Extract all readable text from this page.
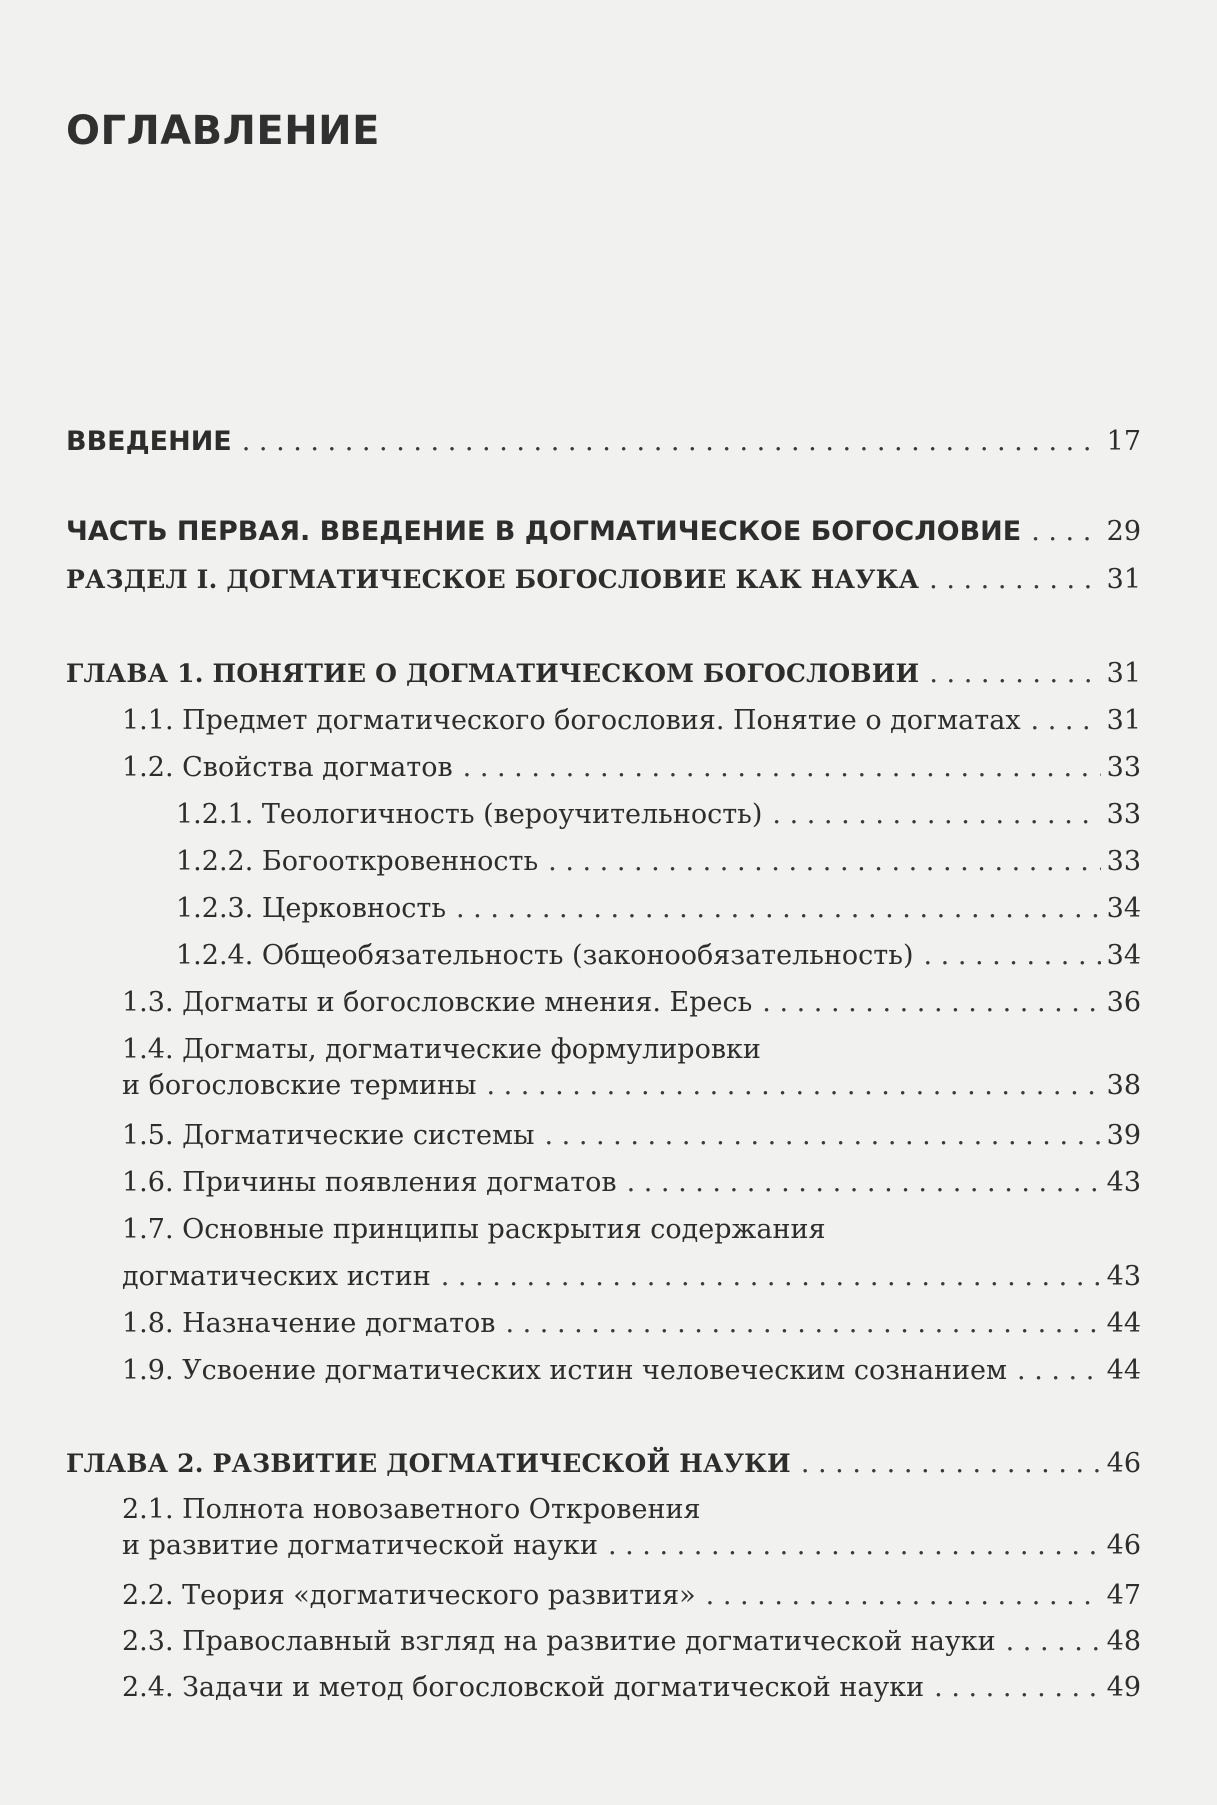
ОГЛАВЛЕНИЕ
ВВЕДЕНИЕ . . .	17
ЧАСТЬ ПЕРВАЯ. ВВЕДЕНИЕ В ДОГМАТИЧЕСКОЕ БОГОСЛОВИЕ . . .	29
РАЗДЕЛ I. ДОГМАТИЧЕСКОЕ БОГОСЛОВИЕ КАК НАУКА . . .	31
ГЛАВА 1. ПОНЯТИЕ О ДОГМАТИЧЕСКОМ БОГОСЛОВИИ . . .	31
1.1. Предмет догматического богословия. Понятие о догматах . . .	31
1.2. Свойства догматов . . .	33
1.2.1. Теологичность (вероучительность) . . .	33
1.2.2. Богооткровенность . . .	33
1.2.3. Церковность . . .	34
1.2.4. Общеобязательность (законообязательность) . . .	34
1.3. Догматы и богословские мнения. Ересь . . .	36
1.4. Догматы, догматические формулировки
и богословские термины . . .	38
1.5. Догматические системы . . .	39
1.6. Причины появления догматов . . .	43
1.7. Основные принципы раскрытия содержания
догматических истин . . .	43
1.8. Назначение догматов . . .	44
1.9. Усвоение догматических истин человеческим сознанием . . .	44
ГЛАВА 2. РАЗВИТИЕ ДОГМАТИЧЕСКОЙ НАУКИ . . .	46
2.1. Полнота новозаветного Откровения
и развитие догматической науки . . .	46
2.2. Теория «догматического развития» . . .	47
2.3. Православный взгляд на развитие догматической науки . . .	48
2.4. Задачи и метод богословской догматической науки . . .	49
